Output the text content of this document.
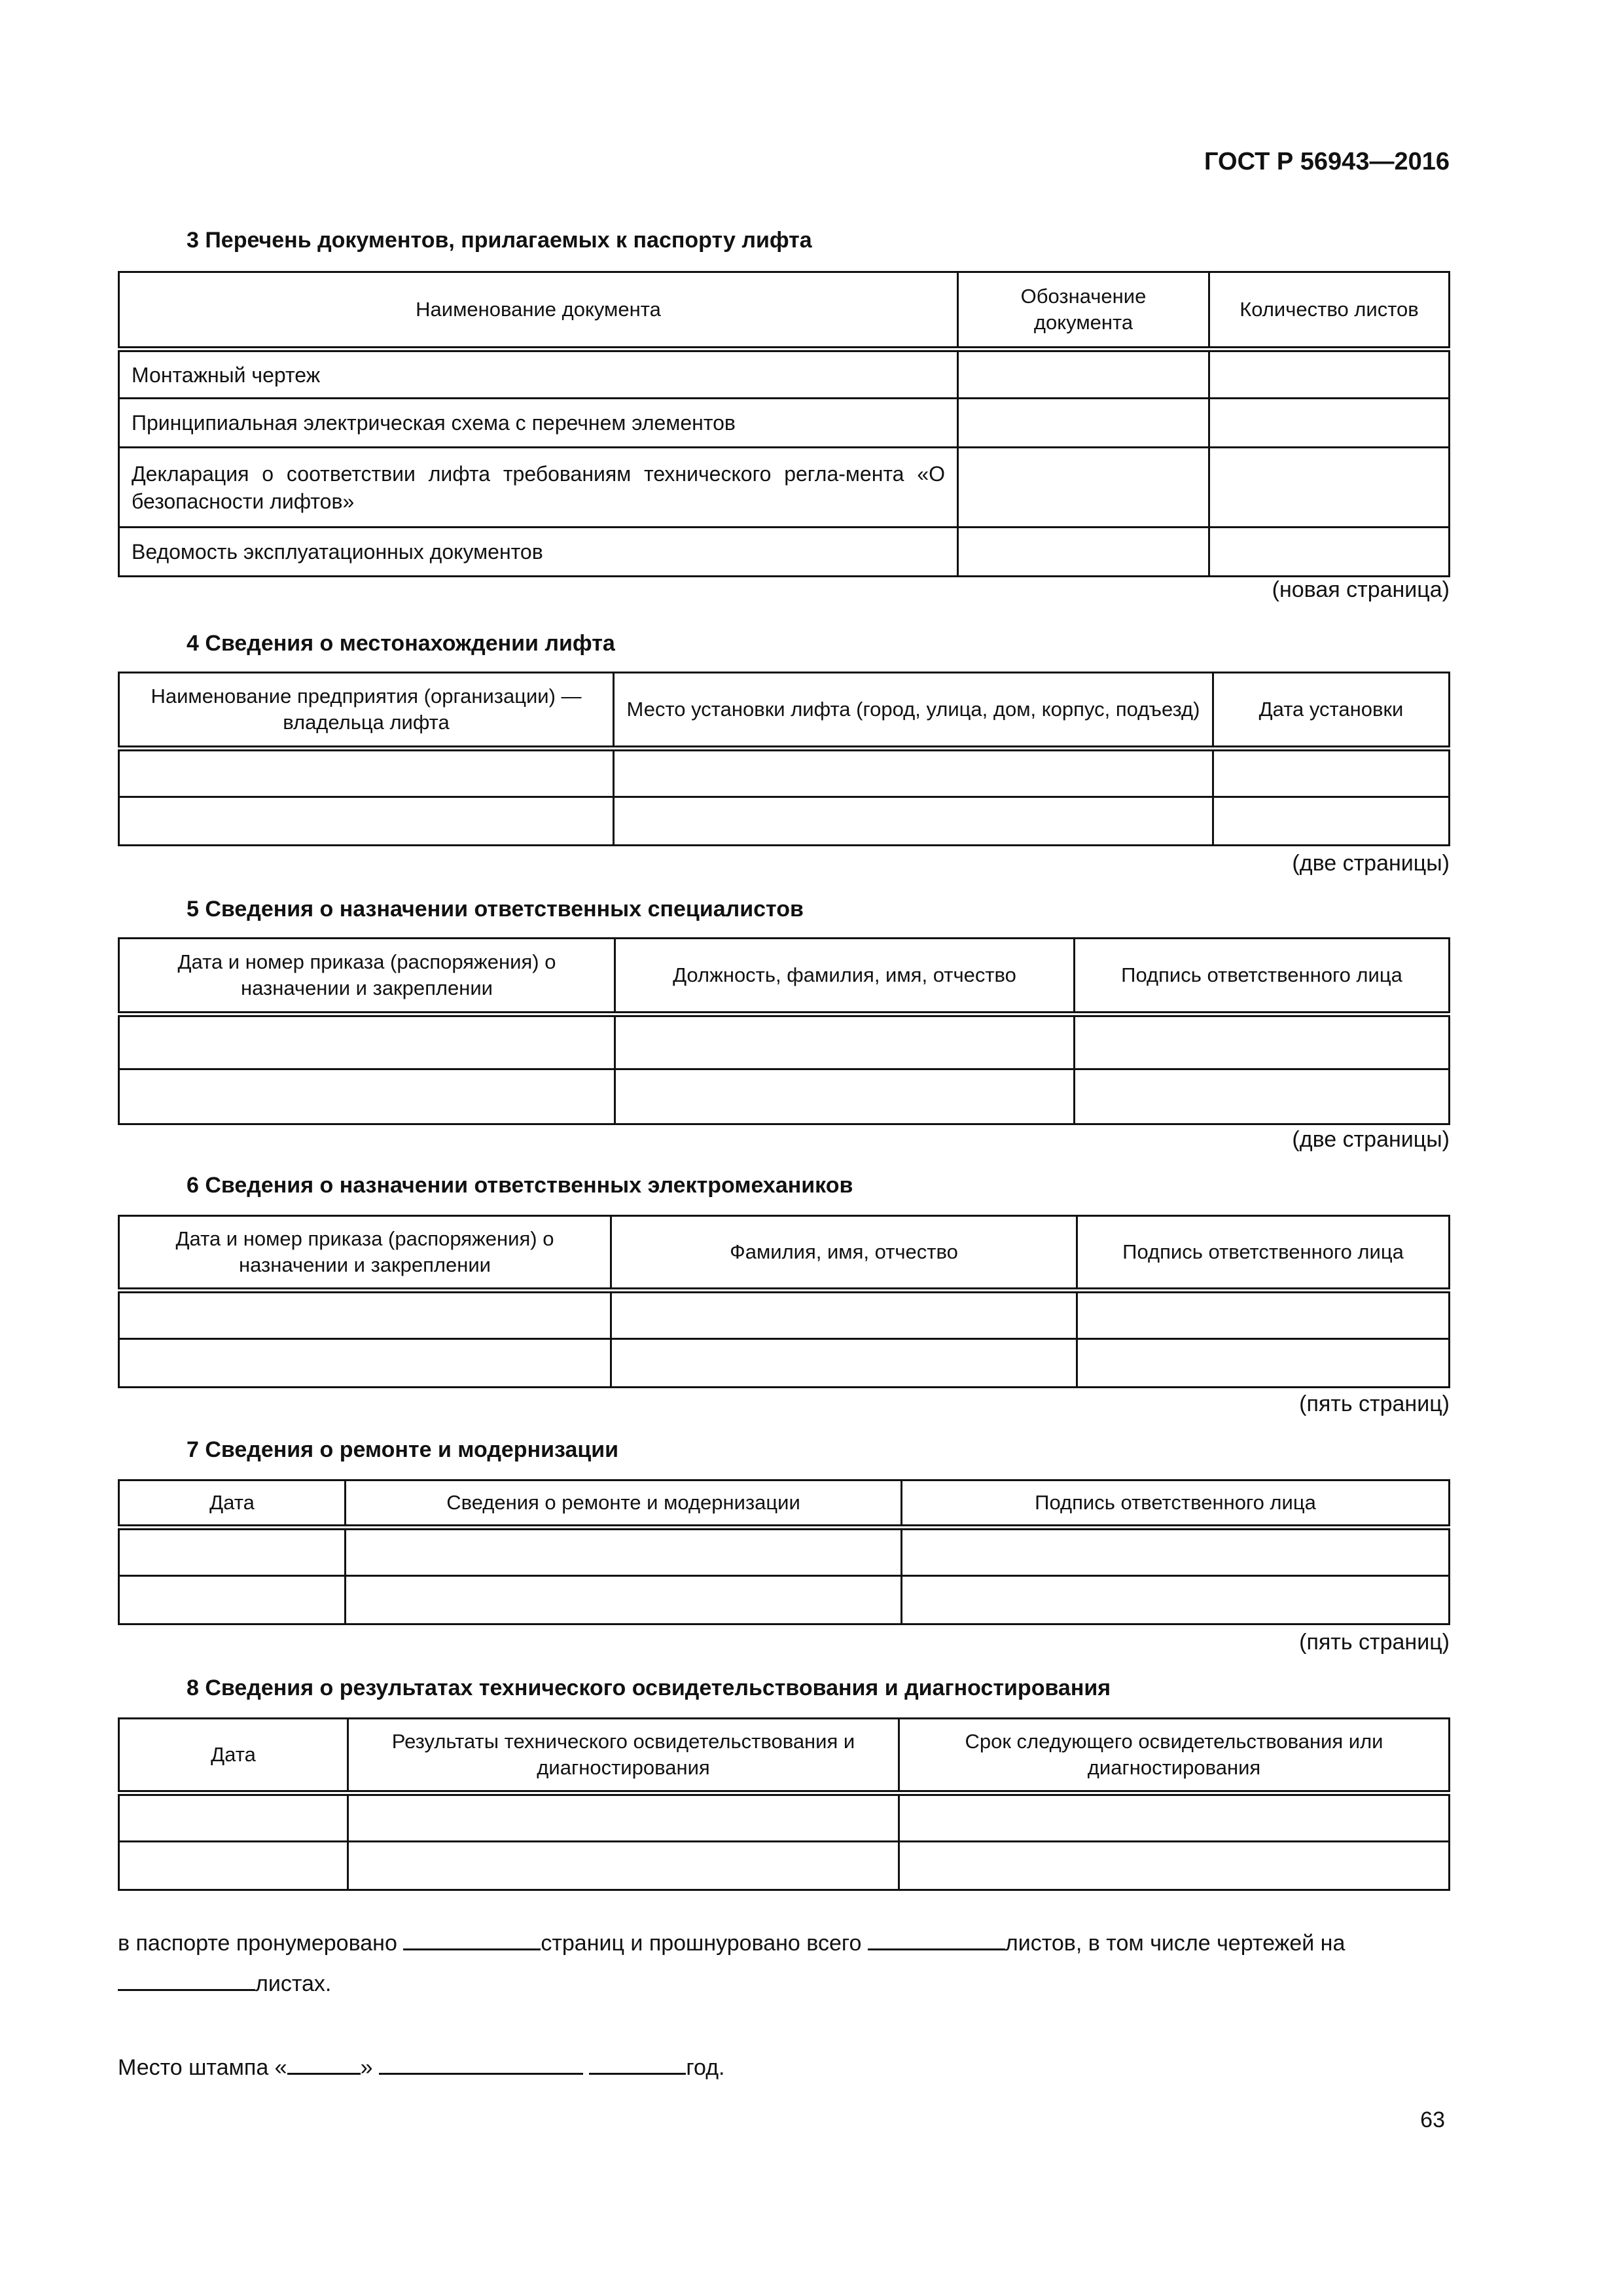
ГОСТ Р 56943—2016
3 Перечень документов, прилагаемых к паспорту лифта
Наименование документа	Обозначение документа	Количество листов
Монтажный чертеж		
Принципиальная электрическая схема с перечнем элементов		
Декларация о соответствии лифта требованиям технического регла-мента «О безопасности лифтов»		
Ведомость эксплуатационных документов		
(новая страница)
4 Сведения о местонахождении лифта
Наименование предприятия (организации) — владельца лифта	Место установки лифта (город, улица, дом, корпус, подъезд)	Дата установки

(две страницы)
5 Сведения о назначении ответственных специалистов
Дата и номер приказа (распоряжения) о назначении и закреплении	Должность, фамилия, имя, отчество	Подпись ответственного лица

(две страницы)
6 Сведения о назначении ответственных электромехаников
Дата и номер приказа (распоряжения) о назначении и закреплении	Фамилия, имя, отчество	Подпись ответственного лица

(пять страниц)
7 Сведения о ремонте и модернизации
Дата	Сведения о ремонте и модернизации	Подпись ответственного лица

(пять страниц)
8 Сведения о результатах технического освидетельствования и диагностирования
Дата	Результаты технического освидетельствования и диагностирования	Срок следующего освидетельствования или диагностирования

в паспорте пронумеровано	страниц и прошнуровано всего	листов, в том числе чертежей на
листах.
Место штампа «	»	год.
63
